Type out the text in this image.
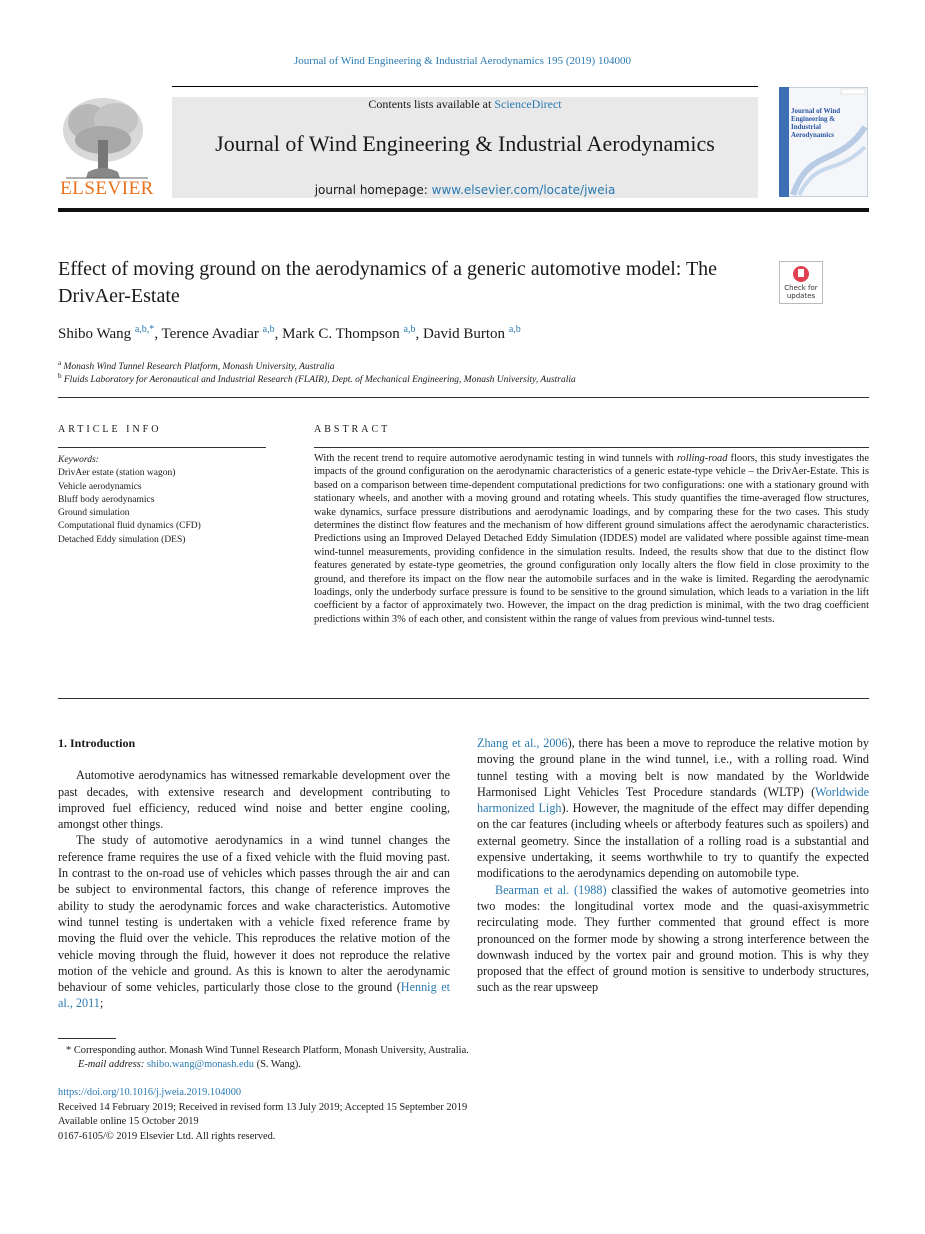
Journal of Wind Engineering & Industrial Aerodynamics 195 (2019) 104000
ELSEVIER
Contents lists available at ScienceDirect
Journal of Wind Engineering & Industrial Aerodynamics
journal homepage: www.elsevier.com/locate/jweia
Journal of Wind Engineering & Industrial Aerodynamics
Effect of moving ground on the aerodynamics of a generic automotive model: The DrivAer-Estate	Check for updates
Shibo Wang $^{a,b,*}$, Terence Avadiar $^{a,b}$, Mark C. Thompson $^{a,b}$, David Burton $^{a,b}$
$^a$ Monash Wind Tunnel Research Platform, Monash University, Australia
$^b$ Fluids Laboratory for Aeronautical and Industrial Research (FLAIR), Dept. of Mechanical Engineering, Monash University, Australia
ARTICLE INFO
Keywords:
DrivAer estate (station wagon)
Vehicle aerodynamics
Bluff body aerodynamics
Ground simulation
Computational fluid dynamics (CFD)
Detached Eddy simulation (DES)
ABSTRACT
With the recent trend to require automotive aerodynamic testing in wind tunnels with rolling-road floors, this study investigates the impacts of the ground configuration on the aerodynamic characteristics of a generic estate-type vehicle – the DrivAer-Estate. This is based on a comparison between time-dependent computational predictions for two configurations: one with a stationary ground with stationary wheels, and another with a moving ground and rotating wheels. This study quantifies the time-averaged flow structures, wake dynamics, surface pressure distributions and aerodynamic loadings, and by comparing these for the two cases. This study determines the distinct flow features and the mechanism of how different ground simulations affect the aerodynamic characteristics. Predictions using an Improved Delayed Detached Eddy Simulation (IDDES) model are validated where possible against time-mean wind-tunnel measurements, providing confidence in the simulation results. Indeed, the results show that due to the distinct flow features generated by estate-type geometries, the ground configuration only locally alters the flow field in close proximity to the ground, and therefore its impact on the flow near the automobile surfaces and in the wake is limited. Regarding the aerodynamic loadings, only the underbody surface pressure is found to be sensitive to the ground simulation, which leads to a variation in the lift coefficient by a factor of approximately two. However, the impact on the drag prediction is minimal, with the two drag coefficient predictions within 3% of each other, and consistent within the range of values from previous wind-tunnel tests.
1. Introduction

Automotive aerodynamics has witnessed remarkable development over the past decades, with extensive research and development contributing to improved fuel efficiency, reduced wind noise and better engine cooling, amongst other things.

The study of automotive aerodynamics in a wind tunnel changes the reference frame requires the use of a fixed vehicle with the fluid moving past. In contrast to the on-road use of vehicles which passes through the air and can be subject to environmental factors, this change of reference improves the ability to study the aerodynamic forces and wake characteristics. Automotive wind tunnel testing is undertaken with a vehicle fixed reference frame by moving the fluid over the vehicle. This reproduces the relative motion of the vehicle moving through the fluid, however it does not reproduce the relative motion of the vehicle and ground. As this is known to alter the aerodynamic behaviour of some vehicles, particularly those close to the ground (Hennig et al., 2011;

Zhang et al., 2006), there has been a move to reproduce the relative motion by moving the ground plane in the wind tunnel, i.e., with a rolling road. Wind tunnel testing with a moving belt is now mandated by the Worldwide Harmonised Light Vehicles Test Procedure standards (WLTP) (Worldwide harmonized Ligh). However, the magnitude of the effect may differ depending on the car features (including wheels or afterbody features such as spoilers) and external geometry. Since the installation of a rolling road is a substantial and expensive undertaking, it seems worthwhile to try to quantify the expected modifications to the aerodynamics depending on automobile type.

Bearman et al. (1988) classified the wakes of automotive geometries into two modes: the longitudinal vortex mode and the quasi-axisymmetric recirculating mode. They further commented that ground effect is more pronounced on the former mode by showing a strong interference between the downwash induced by the vortex pair and ground motion. This is why they proposed that the effect of ground motion is sensitive to underbody structures, such as the rear upsweep

* Corresponding author. Monash Wind Tunnel Research Platform, Monash University, Australia.
E-mail address: shibo.wang@monash.edu (S. Wang).
https://doi.org/10.1016/j.jweia.2019.104000
Received 14 February 2019; Received in revised form 13 July 2019; Accepted 15 September 2019
Available online 15 October 2019
0167-6105/© 2019 Elsevier Ltd. All rights reserved.
